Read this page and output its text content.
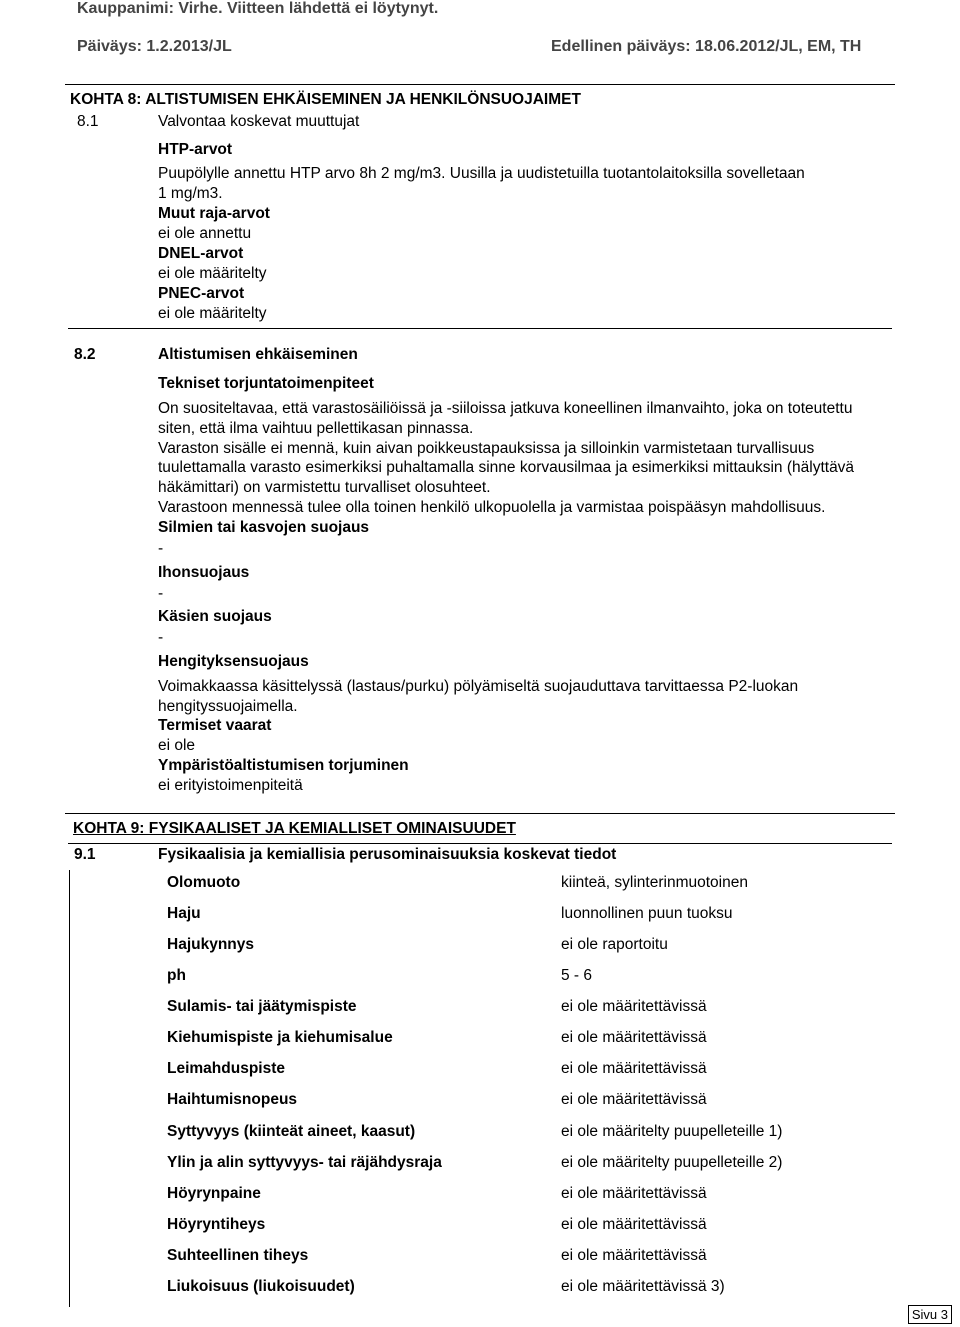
Kauppanimi: Virhe. Viitteen lähdettä ei löytynyt.
Päiväys: 1.2.2013/JL	Edellinen päiväys: 18.06.2012/JL, EM, TH
KOHTA 8: ALTISTUMISEN EHKÄISEMINEN JA HENKILÖNSUOJAIMET
8.1	Valvontaa koskevat muuttujat
HTP-arvot
Puupölylle annettu HTP arvo 8h 2 mg/m3. Uusilla ja uudistetuilla tuotantolaitoksilla sovelletaan
1 mg/m3.
Muut raja-arvot
ei ole annettu
DNEL-arvot
ei ole määritelty
PNEC-arvot
ei ole määritelty
8.2	Altistumisen ehkäiseminen
Tekniset torjuntatoimenpiteet
On suositeltavaa, että varastosäiliöissä ja -siiloissa jatkuva koneellinen ilmanvaihto, joka on toteutettu
siten, että ilma vaihtuu pellettikasan pinnassa.
Varaston sisälle ei mennä, kuin aivan poikkeustapauksissa ja silloinkin varmistetaan turvallisuus
tuulettamalla varasto esimerkiksi puhaltamalla sinne korvausilmaa ja esimerkiksi mittauksin (hälyttävä
häkämittari) on varmistettu turvalliset olosuhteet.
Varastoon mennessä tulee olla toinen henkilö ulkopuolella ja varmistaa poispääsyn mahdollisuus.
Silmien tai kasvojen suojaus
-
Ihonsuojaus
-
Käsien suojaus
-
Hengityksensuojaus
Voimakkaassa käsittelyssä (lastaus/purku) pölyämiseltä suojauduttava tarvittaessa P2-luokan
hengityssuojaimella.
Termiset vaarat
ei ole
Ympäristöaltistumisen torjuminen
ei erityistoimenpiteitä
KOHTA 9: FYSIKAALISET JA KEMIALLISET OMINAISUUDET
9.1	Fysikaalisia ja kemiallisia perusominaisuuksia koskevat tiedot
Olomuoto	kiinteä, sylinterinmuotoinen
Haju	luonnollinen puun tuoksu
Hajukynnys	ei ole raportoitu
ph	5 - 6
Sulamis- tai jäätymispiste	ei ole määritettävissä
Kiehumispiste ja kiehumisalue	ei ole määritettävissä
Leimahduspiste	ei ole määritettävissä
Haihtumisnopeus	ei ole määritettävissä
Syttyvyys (kiinteät aineet, kaasut)	ei ole määritelty puupelleteille 1)
Ylin ja alin syttyvyys- tai räjähdysraja	ei ole määritelty puupelleteille 2)
Höyrynpaine	ei ole määritettävissä
Höyryntiheys	ei ole määritettävissä
Suhteellinen tiheys	ei ole määritettävissä
Liukoisuus (liukoisuudet)	ei ole määritettävissä 3)
Sivu 3
